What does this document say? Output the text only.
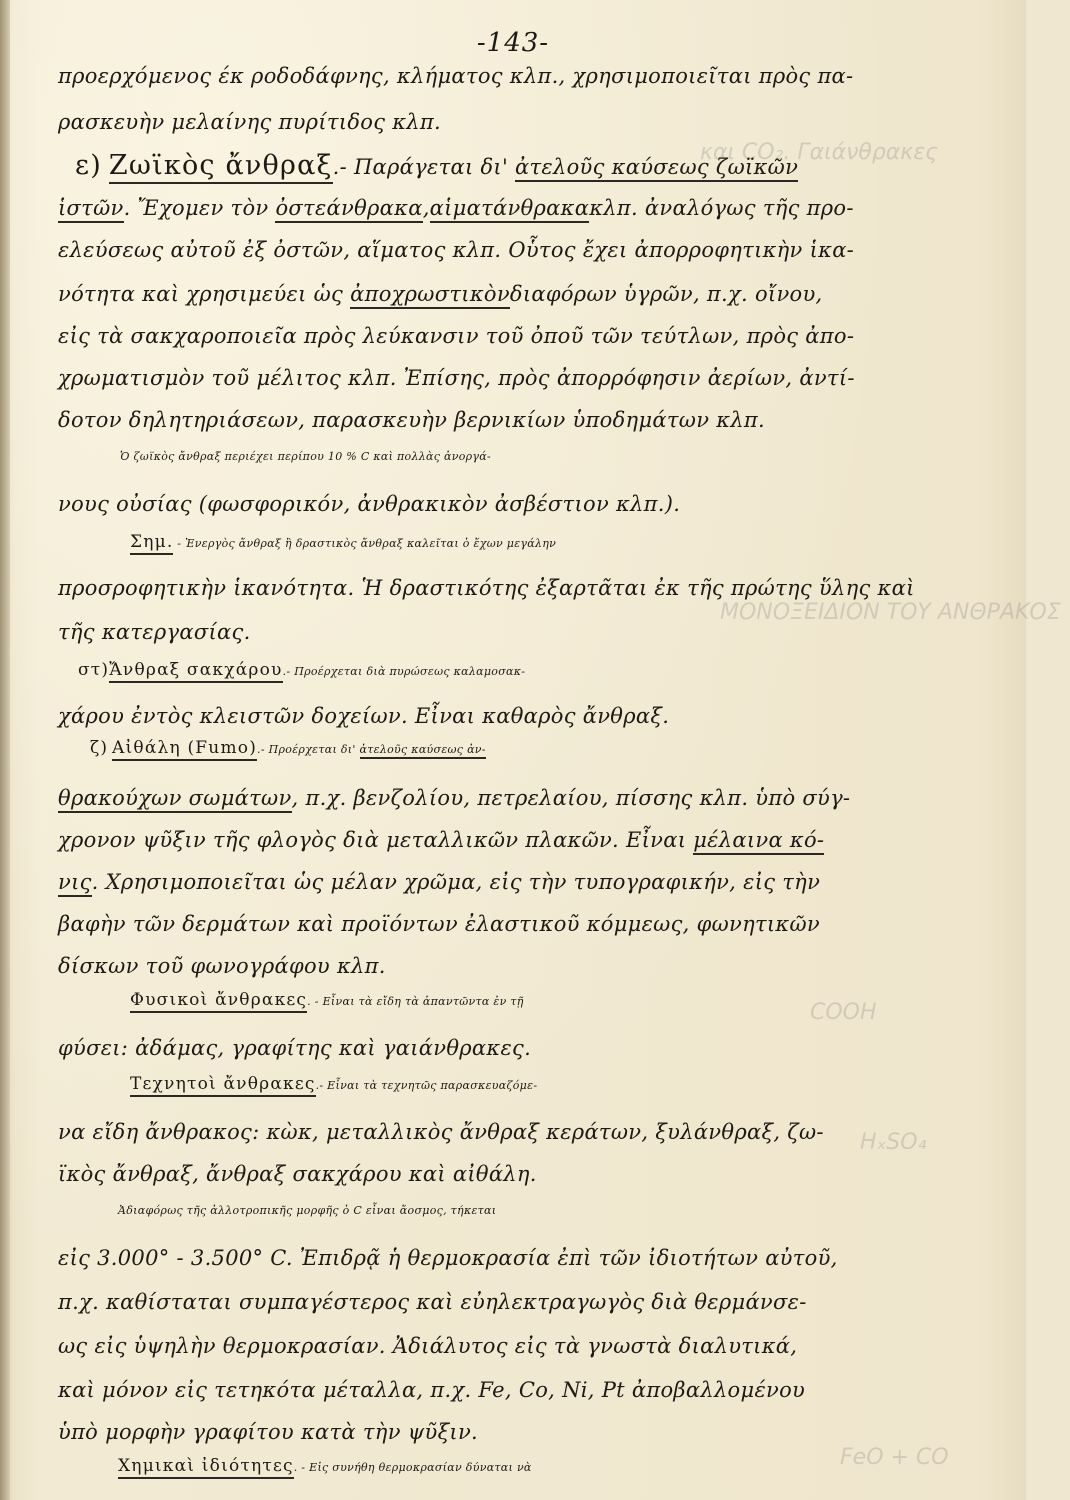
και CO₂. Γαιάνθρακες
ΜΟΝΟΞΕΙΔΙΟΝ ΤΟΥ ΑΝΘΡΑΚΟΣ
COOH
ΗₓSO₄
FeO + CO
-143-
προερχόμενος έκ ροδοδάφνης, κλήματος κλπ., χρησιμοποιεῖται πρὸς πα-
ρασκευὴν μελαίνης πυρίτιδος κλπ.
ε) Ζωϊκὸς ἄνθραξ.- Παράγεται δι' ἀτελοῦς καύσεως ζωϊκῶν
ἱστῶν. Ἔχομεν τὸν ὀστεάνθρακα,αἱματάνθρακακλπ. ἀναλόγως τῆς προ-
ελεύσεως αὐτοῦ ἐξ ὀστῶν, αἵματος κλπ. Οὗτος ἔχει ἀπορροφητικὴν ἱκα-
νότητα καὶ χρησιμεύει ὡς ἀποχρωστικὸνδιαφόρων ὑγρῶν, π.χ. οἴνου,
εἰς τὰ σακχαροποιεῖα πρὸς λεύκανσιν τοῦ ὀποῦ τῶν τεύτλων, πρὸς ἀπο-
χρωματισμὸν τοῦ μέλιτος κλπ. Ἐπίσης, πρὸς ἀπορρόφησιν ἀερίων, ἀντί-
δοτον δηλητηριάσεων, παρασκευὴν βερνικίων ὑποδημάτων κλπ.
Ὁ ζωϊκὸς ἄνθραξ περιέχει περίπου 10 % C καὶ πολλὰς ἀνοργά-
νους οὐσίας (φωσφορικόν, ἀνθρακικὸν ἀσβέστιον κλπ.).
Σημ. - Ἐνεργὸς ἄνθραξ ἢ δραστικὸς ἄνθραξ καλεῖται ὁ ἔχων μεγάλην
προσροφητικὴν ἱκανότητα. Ἡ δραστικότης ἐξαρτᾶται ἐκ τῆς πρώτης ὕλης καὶ
τῆς κατεργασίας.
στ)Ἄνθραξ σακχάρου.- Προέρχεται διὰ πυρώσεως καλαμοσακ-
χάρου ἐντὸς κλειστῶν δοχείων. Εἶναι καθαρὸς ἄνθραξ.
ζ) Αἰθάλη (Fumo).- Προέρχεται δι' ἀτελοῦς καύσεως ἀν-
θρακούχων σωμάτων, π.χ. βενζολίου, πετρελαίου, πίσσης κλπ. ὑπὸ σύγ-
χρονον ψῦξιν τῆς φλογὸς διὰ μεταλλικῶν πλακῶν. Εἶναι μέλαινα κό-
νις. Χρησιμοποιεῖται ὡς μέλαν χρῶμα, εἰς τὴν τυπογραφικήν, εἰς τὴν
βαφὴν τῶν δερμάτων καὶ προϊόντων ἐλαστικοῦ κόμμεως, φωνητικῶν
δίσκων τοῦ φωνογράφου κλπ.
Φυσικοὶ ἄνθρακες. - Εἶναι τὰ εἴδη τὰ ἀπαντῶντα ἐν τῇ
φύσει: ἀδάμας, γραφίτης καὶ γαιάνθρακες.
Τεχνητοὶ ἄνθρακες.- Εἶναι τὰ τεχνητῶς παρασκευαζόμε-
να εἴδη ἄνθρακος: κὼκ, μεταλλικὸς ἄνθραξ κεράτων, ξυλάνθραξ, ζω-
ϊκὸς ἄνθραξ, ἄνθραξ σακχάρου καὶ αἰθάλη.
Ἀδιαφόρως τῆς ἀλλοτροπικῆς μορφῆς ὁ C εἶναι ἄοσμος, τήκεται
εἰς 3.000° - 3.500° C. Ἐπιδρᾷ ἡ θερμοκρασία ἐπὶ τῶν ἰδιοτήτων αὐτοῦ,
π.χ. καθίσταται συμπαγέστερος καὶ εὐηλεκτραγωγὸς διὰ θερμάνσε-
ως εἰς ὑψηλὴν θερμοκρασίαν. Ἀδιάλυτος εἰς τὰ γνωστὰ διαλυτικά,
καὶ μόνον εἰς τετηκότα μέταλλα, π.χ. Fe, Co, Ni, Pt ἀποβαλλομένου
ὑπὸ μορφὴν γραφίτου κατὰ τὴν ψῦξιν.
Χημικαὶ ἰδιότητες. - Εἰς συνήθη θερμοκρασίαν δύναται νὰ
